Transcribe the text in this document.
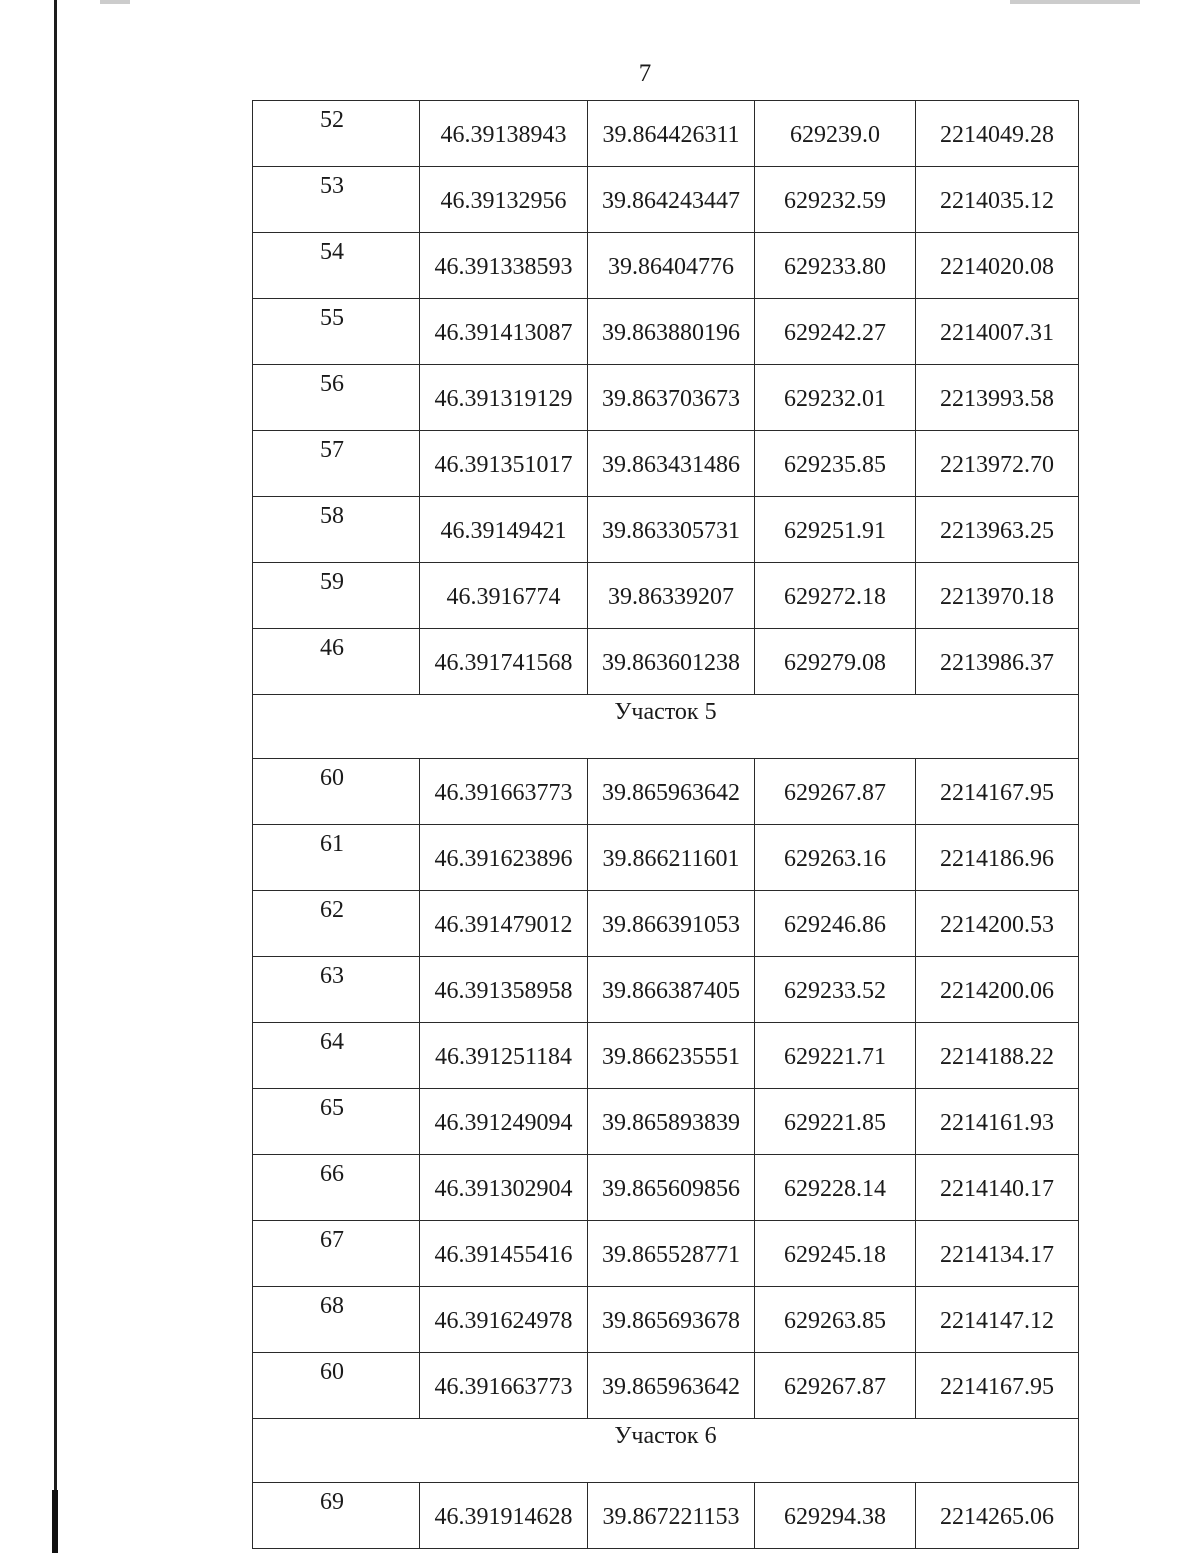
7
52	46.39138943	39.864426311	629239.0	2214049.28
53	46.39132956	39.864243447	629232.59	2214035.12
54	46.391338593	39.86404776	629233.80	2214020.08
55	46.391413087	39.863880196	629242.27	2214007.31
56	46.391319129	39.863703673	629232.01	2213993.58
57	46.391351017	39.863431486	629235.85	2213972.70
58	46.39149421	39.863305731	629251.91	2213963.25
59	46.3916774	39.86339207	629272.18	2213970.18
46	46.391741568	39.863601238	629279.08	2213986.37
Участок 5				
60	46.391663773	39.865963642	629267.87	2214167.95
61	46.391623896	39.866211601	629263.16	2214186.96
62	46.391479012	39.866391053	629246.86	2214200.53
63	46.391358958	39.866387405	629233.52	2214200.06
64	46.391251184	39.866235551	629221.71	2214188.22
65	46.391249094	39.865893839	629221.85	2214161.93
66	46.391302904	39.865609856	629228.14	2214140.17
67	46.391455416	39.865528771	629245.18	2214134.17
68	46.391624978	39.865693678	629263.85	2214147.12
60	46.391663773	39.865963642	629267.87	2214167.95
Участок 6				
69	46.391914628	39.867221153	629294.38	2214265.06
